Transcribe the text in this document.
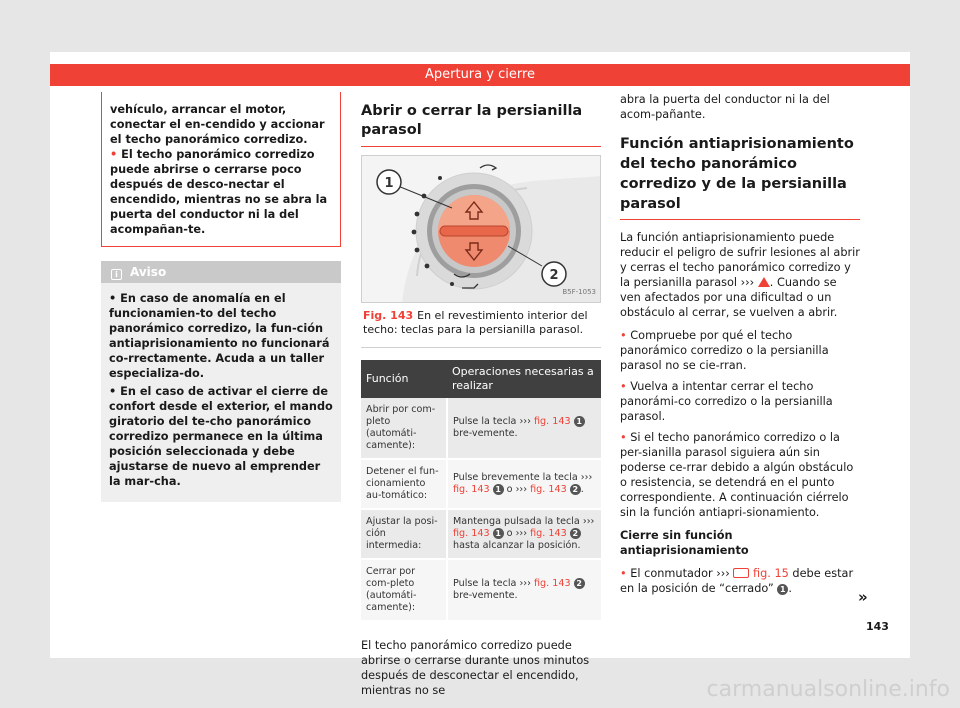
Apertura y cierre

vehículo, arrancar el motor, conectar el en-cendido y accionar el techo panorámico corredizo.

• El techo panorámico corredizo puede abrirse o cerrarse poco después de desco-nectar el encendido, mientras no se abra la puerta del conductor ni la del acompañan-te.

i Aviso

• En caso de anomalía en el funcionamien-to del techo panorámico corredizo, la fun-ción antiaprisionamiento no funcionará co-rrectamente. Acuda a un taller especializa-do.

• En el caso de activar el cierre de confort desde el exterior, el mando giratorio del te-cho panorámico corredizo permanece en la última posición seleccionada y debe ajustarse de nuevo al emprender la mar-cha.

Abrir o cerrar la persianilla parasol
1
2
B5F-1053
Fig. 143 En el revestimiento interior del techo: teclas para la persianilla parasol.
Función	Operaciones necesarias a realizar
Abrir por com-pleto (automáti-camente):	Pulse la tecla ››› fig. 143 1 bre-vemente.
Detener el fun-cionamiento au-tomático:	Pulse brevemente la tecla ››› fig. 143 1 o ››› fig. 143 2 .
Ajustar la posi-ción intermedia:	Mantenga pulsada la tecla ››› fig. 143 1 o ››› fig. 143 2 hasta alcanzar la posición.
Cerrar por com-pleto (automáti-camente):	Pulse la tecla ››› fig. 143 2 bre-vemente.

El techo panorámico corredizo puede abrirse o cerrarse durante unos minutos después de desconectar el encendido, mientras no se

abra la puerta del conductor ni la del acom-pañante.

Función antiaprisionamiento del techo panorámico corredizo y de la persianilla parasol

La función antiaprisionamiento puede reducir el peligro de sufrir lesiones al abrir y cerras el techo panorámico corredizo y la persianilla parasol ››› . Cuando se ven afectados por una dificultad o un obstáculo al cerrar, se vuelven a abrir.

• Compruebe por qué el techo panorámico corredizo o la persianilla parasol no se cie-rran.

• Vuelva a intentar cerrar el techo panorámi-co corredizo o la persianilla parasol.

• Si el techo panorámico corredizo o la per-sianilla parasol siguiera aún sin poderse ce-rrar debido a algún obstáculo o resistencia, se detendrá en el punto correspondiente. A continuación ciérrelo sin la función antiapri-sionamiento.

Cierre sin función antiaprisionamiento

• El conmutador ›››  fig. 15 debe estar en la posición de “cerrado” 1 .	»
143
carmanualsonline.info
